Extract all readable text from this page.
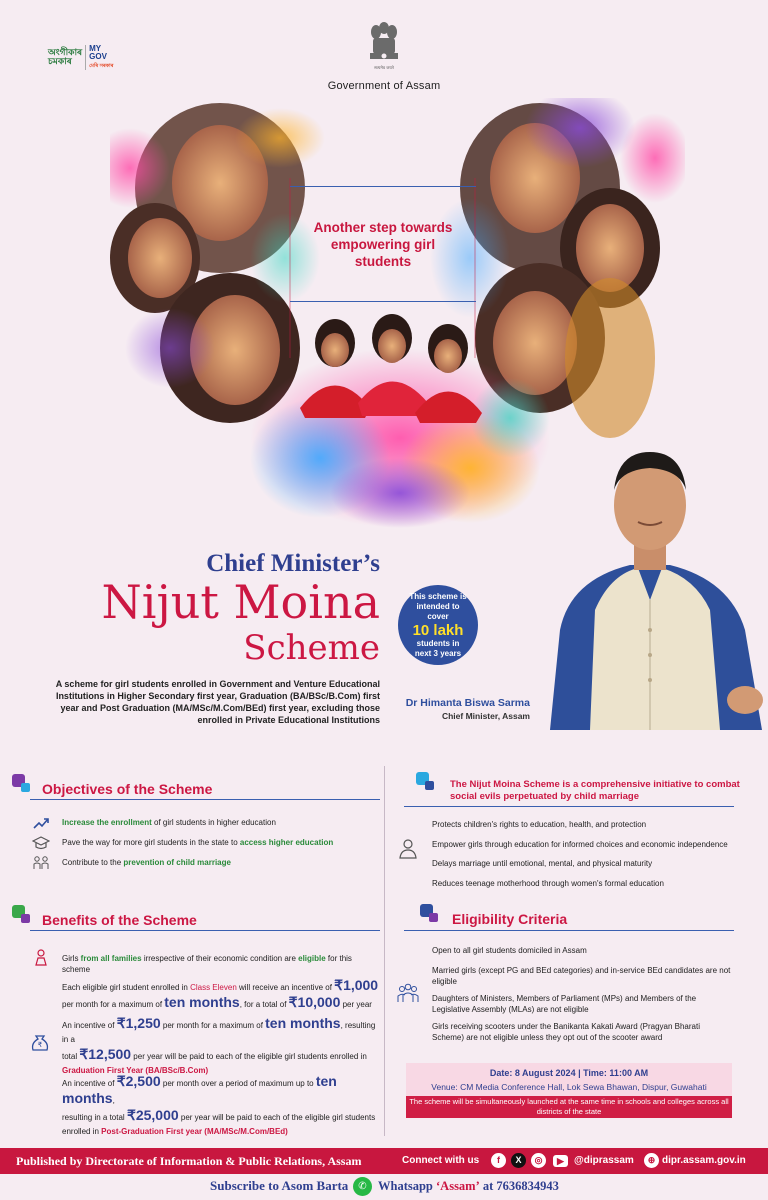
অংগীকাৰ
চমকাৰ
MY GOV
মেৰি সৰকাৰ	सत्यमेव जयते
Government of Assam
Another step towards empowering girl students
Chief Minister’s
Nijut Moina
Scheme
A scheme for girl students enrolled in Government and Venture Educational Institutions in Higher Secondary first year, Graduation (BA/BSc/B.Com) first year and Post Graduation (MA/MSc/M.Com/BEd) first year, excluding those enrolled in Private Educational Institutions
This scheme is intended to cover
10 lakh
students in next 3 years
Dr Himanta Biswa Sarma
Chief Minister, Assam
Objectives of the Scheme
Increase the enrollment of girl students in higher education
Pave the way for more girl students in the state to access higher education
Contribute to the prevention of child marriage
Benefits of the Scheme
Girls from all families irrespective of their economic condition are eligible for this scheme
₹
Each eligible girl student enrolled in Class Eleven will receive an incentive of ₹1,000
per month for a maximum of ten months, for a total of ₹10,000 per year
An incentive of ₹1,250 per month for a maximum of ten months, resulting in a
total ₹12,500 per year will be paid to each of the eligible girl students enrolled in
Graduation First Year (BA/BSc/B.Com)
An incentive of ₹2,500 per month over a period of maximum up to ten months,
resulting in a total ₹25,000 per year will be paid to each of the eligible girl students
enrolled in Post-Graduation First year (MA/MSc/M.Com/BEd)
The Nijut Moina Scheme is a comprehensive initiative to combat social evils perpetuated by child marriage
Protects children's rights to education, health, and protection
Empower girls through education for informed choices and economic independence
Delays marriage until emotional, mental, and physical maturity
Reduces teenage motherhood through women's formal education
Eligibility Criteria
Open to all girl students domiciled in Assam
Married girls (except PG and BEd categories) and in-service BEd candidates are not eligible
Daughters of Ministers, Members of Parliament (MPs) and Members of the Legislative Assembly (MLAs) are not eligible
Girls receiving scooters under the Banikanta Kakati Award (Pragyan Bharati Scheme) are not eligible unless they opt out of the scooter award
Date: 8 August 2024 | Time: 11:00 AM
Venue: CM Media Conference Hall, Lok Sewa Bhawan, Dispur, Guwahati
The scheme will be simultaneously launched at the same time in schools and colleges across all districts of the state
Published by Directorate of Information & Public Relations, Assam	Connect with us	f	X	◎	▶	@diprassam	⊕ dipr.assam.gov.in
Subscribe to Asom Barta ✆ Whatsapp ‘Assam’ at 7636834943
